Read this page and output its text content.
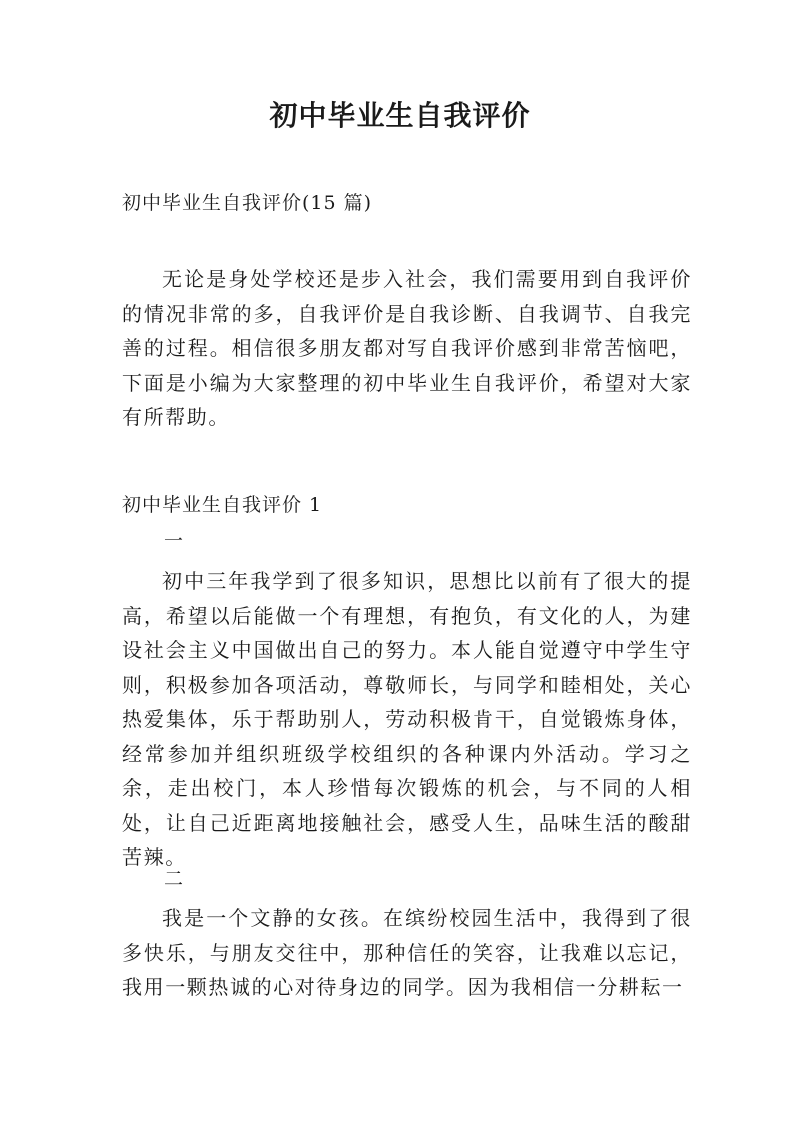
初中毕业生自我评价

初中毕业生自我评价(15 篇)

无论是身处学校还是步入社会，我们需要用到自我评价的情况非常的多，自我评价是自我诊断、自我调节、自我完善的过程。相信很多朋友都对写自我评价感到非常苦恼吧，下面是小编为大家整理的初中毕业生自我评价，希望对大家有所帮助。

初中毕业生自我评价 1

一

初中三年我学到了很多知识，思想比以前有了很大的提高，希望以后能做一个有理想，有抱负，有文化的人，为建设社会主义中国做出自己的努力。本人能自觉遵守中学生守则，积极参加各项活动，尊敬师长，与同学和睦相处，关心热爱集体，乐于帮助别人，劳动积极肯干，自觉锻炼身体，经常参加并组织班级学校组织的各种课内外活动。学习之余，走出校门，本人珍惜每次锻炼的机会，与不同的人相处，让自己近距离地接触社会，感受人生，品味生活的酸甜苦辣。

二

我是一个文静的女孩。在缤纷校园生活中，我得到了很多快乐，与朋友交往中，那种信任的笑容，让我难以忘记，我用一颗热诚的心对待身边的同学。因为我相信一分耕耘一
